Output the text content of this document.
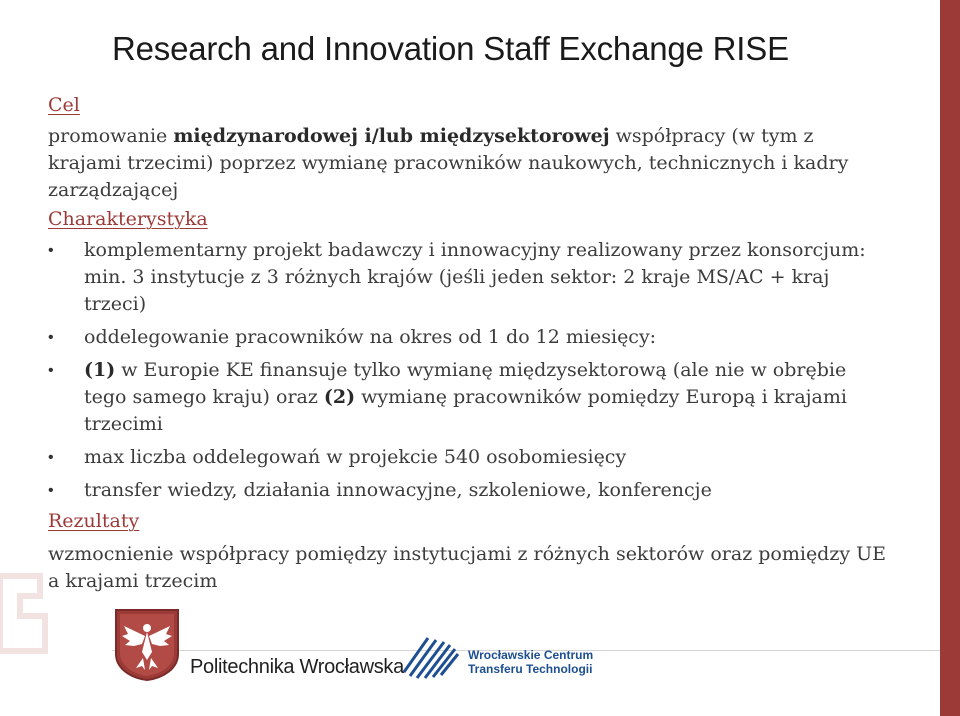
Research and Innovation Staff Exchange RISE
Cel

promowanie międzynarodowej i/lub międzysektorowej współpracy (w tym z krajami trzecimi) poprzez wymianę pracowników naukowych, technicznych i kadry zarządzającej

Charakterystyka
• komplementarny projekt badawczy i innowacyjny realizowany przez konsorcjum: min. 3 instytucje z 3 różnych krajów (jeśli jeden sektor: 2 kraje MS/AC + kraj trzeci)
• oddelegowanie pracowników na okres od 1 do 12 miesięcy:
• (1) w Europie KE finansuje tylko wymianę międzysektorową (ale nie w obrębie tego samego kraju) oraz (2) wymianę pracowników pomiędzy Europą i krajami trzecimi
• max liczba oddelegowań w projekcie 540 osobomiesięcy
• transfer wiedzy, działania innowacyjne, szkoleniowe, konferencje
Rezultaty

wzmocnienie współpracy pomiędzy instytucjami z różnych sektorów oraz pomiędzy UE a krajami trzecim

Politechnika Wrocławska
Wrocławskie Centrum
Transferu Technologii
